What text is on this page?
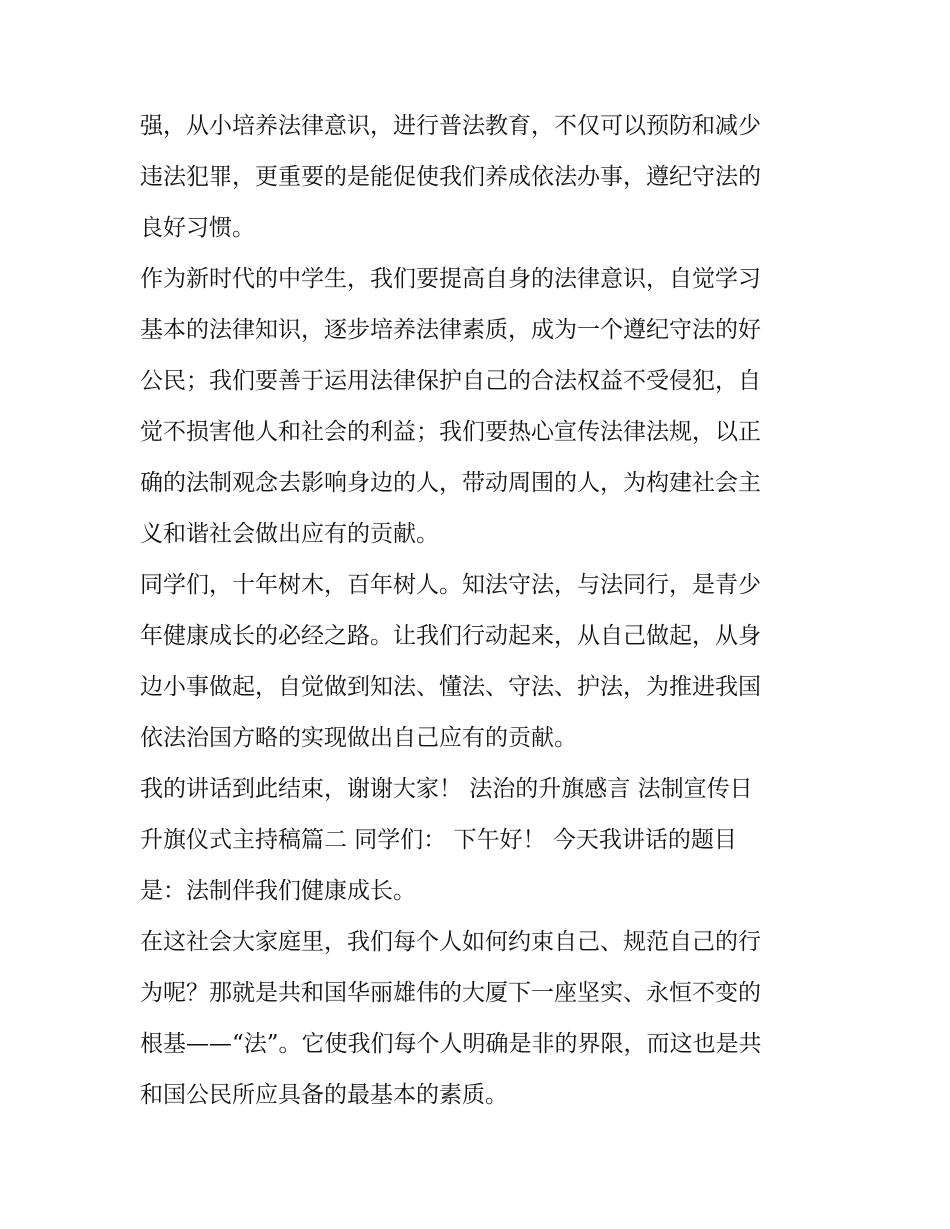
强，从小培养法律意识，进行普法教育，不仅可以预防和减少
违法犯罪，更重要的是能促使我们养成依法办事，遵纪守法的
良好习惯。
作为新时代的中学生，我们要提高自身的法律意识，自觉学习
基本的法律知识，逐步培养法律素质，成为一个遵纪守法的好
公民；我们要善于运用法律保护自己的合法权益不受侵犯，自
觉不损害他人和社会的利益；我们要热心宣传法律法规，以正
确的法制观念去影响身边的人，带动周围的人，为构建社会主
义和谐社会做出应有的贡献。
同学们，十年树木，百年树人。知法守法，与法同行，是青少
年健康成长的必经之路。让我们行动起来，从自己做起，从身
边小事做起，自觉做到知法、懂法、守法、护法，为推进我国
依法治国方略的实现做出自己应有的贡献。
我的讲话到此结束，谢谢大家！ 法治的升旗感言 法制宣传日
升旗仪式主持稿篇二 同学们： 下午好！ 今天我讲话的题目
是：法制伴我们健康成长。
在这社会大家庭里，我们每个人如何约束自己、规范自己的行
为呢？那就是共和国华丽雄伟的大厦下一座坚实、永恒不变的
根基——“法”。它使我们每个人明确是非的界限，而这也是共
和国公民所应具备的最基本的素质。
